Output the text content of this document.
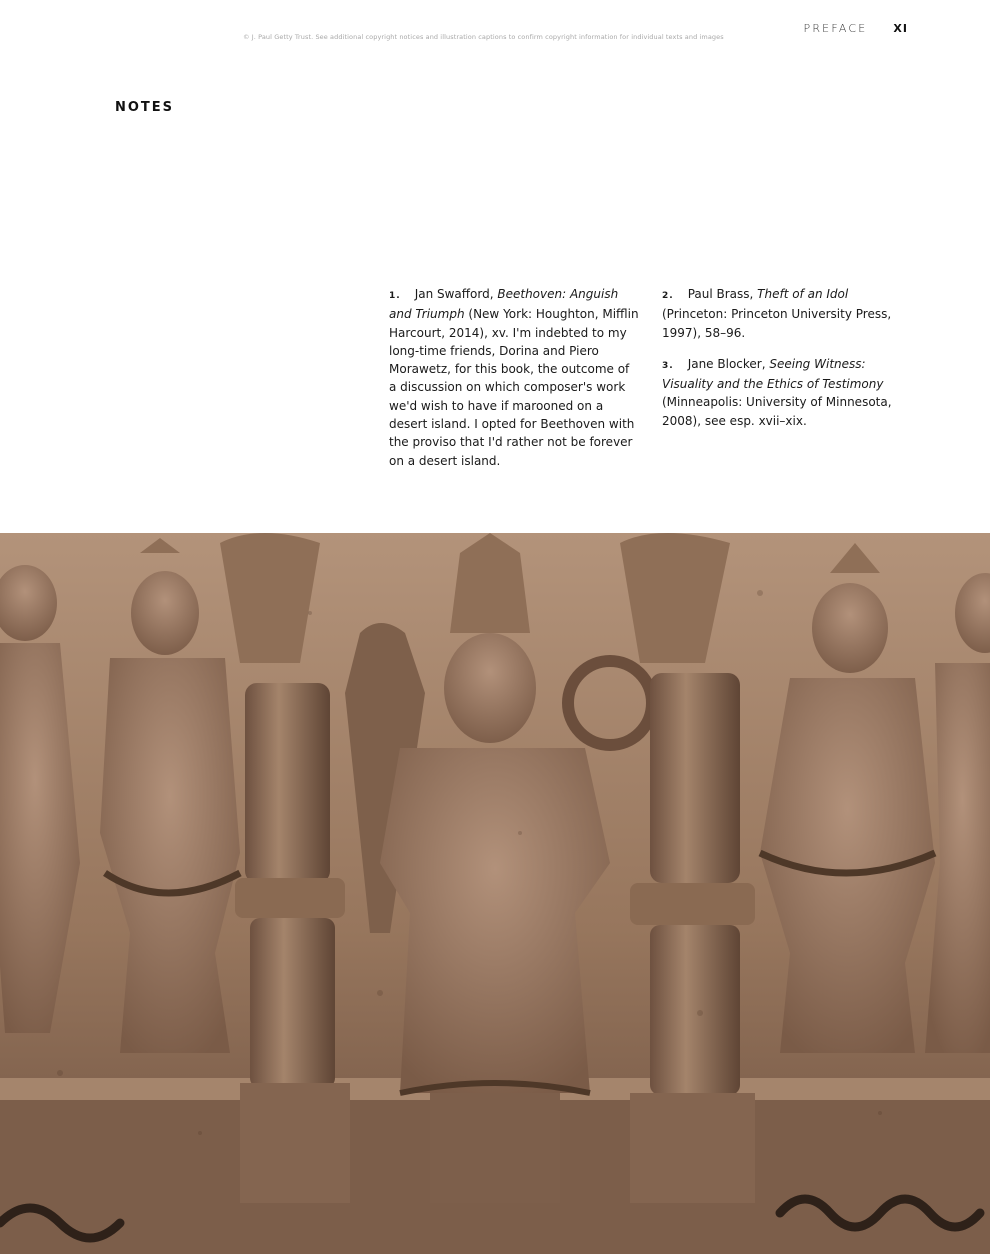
© J. Paul Getty Trust. See additional copyright notices and illustration captions to confirm copyright information for individual texts and images
PREFACE XI
NOTES

1. Jan Swafford, Beethoven: Anguish and Triumph (New York: Houghton, Mifflin Harcourt, 2014), xv. I'm indebted to my long-time friends, Dorina and Piero Morawetz, for this book, the outcome of a discussion on which composer's work we'd wish to have if marooned on a desert island. I opted for Beethoven with the proviso that I'd rather not be forever on a desert island.

2. Paul Brass, Theft of an Idol (Princeton: Princeton University Press, 1997), 58–96.

3. Jane Blocker, Seeing Witness: Visuality and the Ethics of Testimony (Minneapolis: University of Minnesota, 2008), see esp. xvii–xix.
